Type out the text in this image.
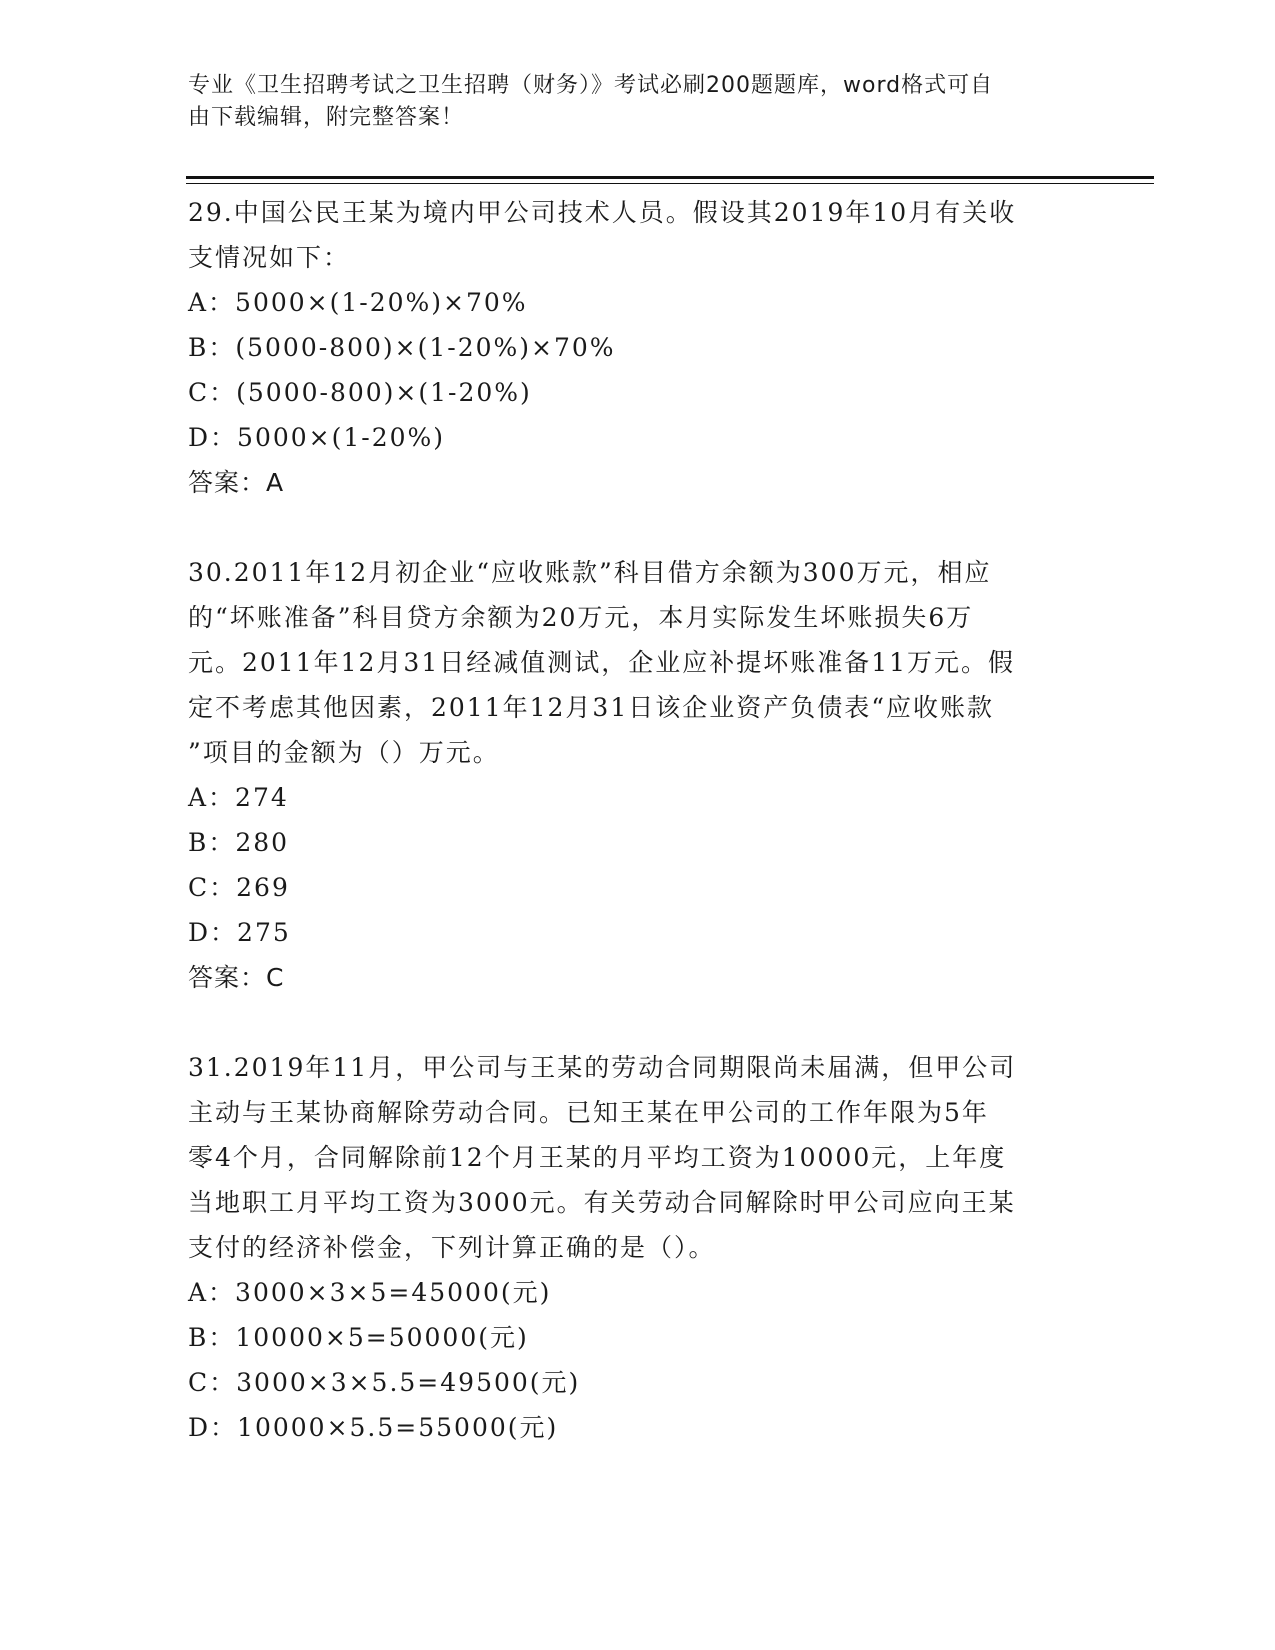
专业《卫生招聘考试之卫生招聘（财务）》考试必刷200题题库，word格式可自
由下载编辑，附完整答案！
29.中国公民王某为境内甲公司技术人员。假设其2019年10月有关收
支情况如下：
A：5000×(1-20%)×70%
B：(5000-800)×(1-20%)×70%
C：(5000-800)×(1-20%)
D：5000×(1-20%)
答案：A
30.2011年12月初企业“应收账款”科目借方余额为300万元，相应
的“坏账准备”科目贷方余额为20万元，本月实际发生坏账损失6万
元。2011年12月31日经减值测试，企业应补提坏账准备11万元。假
定不考虑其他因素，2011年12月31日该企业资产负债表“应收账款
”项目的金额为（）万元。
A：274
B：280
C：269
D：275
答案：C
31.2019年11月，甲公司与王某的劳动合同期限尚未届满，但甲公司
主动与王某协商解除劳动合同。已知王某在甲公司的工作年限为5年
零4个月，合同解除前12个月王某的月平均工资为10000元，上年度
当地职工月平均工资为3000元。有关劳动合同解除时甲公司应向王某
支付的经济补偿金，下列计算正确的是（）。
A：3000×3×5=45000(元)
B：10000×5=50000(元)
C：3000×3×5.5=49500(元)
D：10000×5.5=55000(元)
